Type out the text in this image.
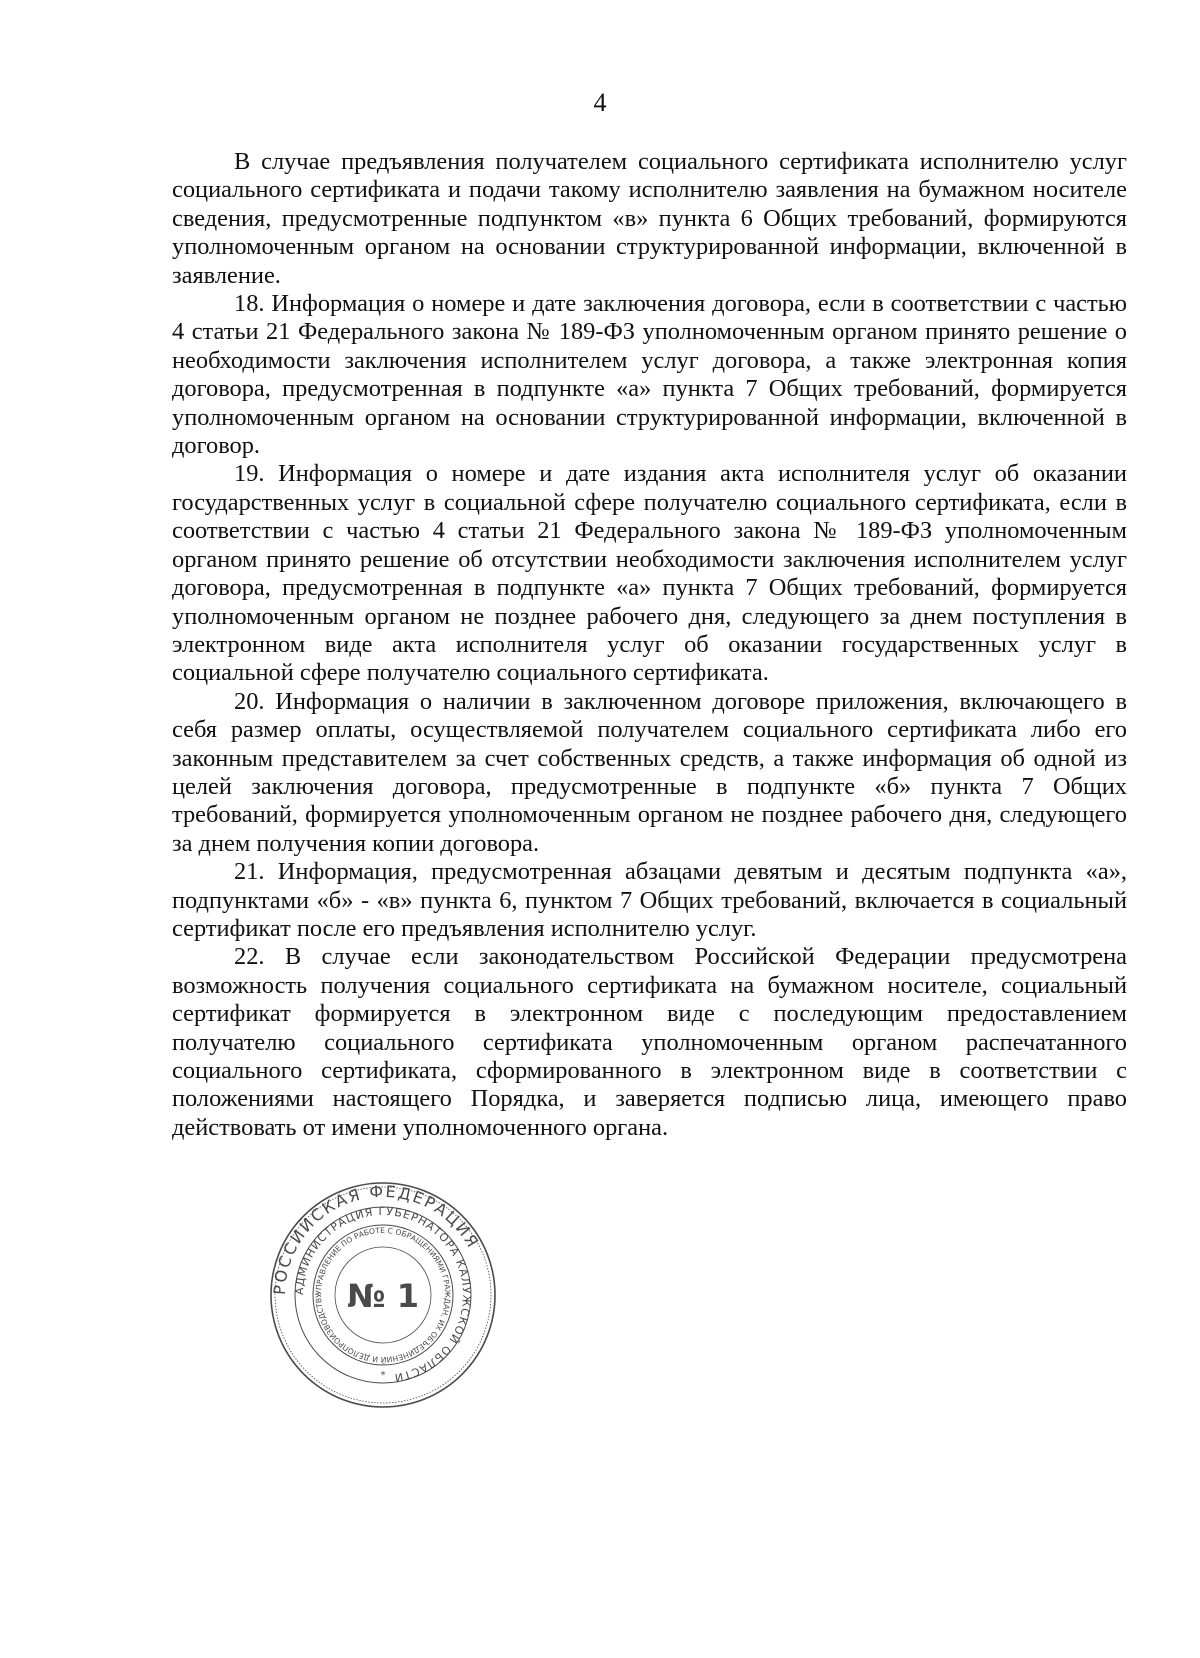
4

В случае предъявления получателем социального сертификата исполнителю услуг социального сертификата и подачи такому исполнителю заявления на бумажном носителе сведения, предусмотренные подпунктом «в» пункта 6 Общих требований, формируются уполномоченным органом на основании структурированной информации, включенной в заявление.

18. Информация о номере и дате заключения договора, если в соответствии с частью 4 статьи 21 Федерального закона № 189-ФЗ уполномоченным органом принято решение о необходимости заключения исполнителем услуг договора, а также электронная копия договора, предусмотренная в подпункте «а» пункта 7 Общих требований, формируется уполномоченным органом на основании структурированной информации, включенной в договор.

19. Информация о номере и дате издания акта исполнителя услуг об оказании государственных услуг в социальной сфере получателю социального сертификата, если в соответствии с частью 4 статьи 21 Федерального закона № 189-ФЗ уполномоченным органом принято решение об отсутствии необходимости заключения исполнителем услуг договора, предусмотренная в подпункте «а» пункта 7 Общих требований, формируется уполномоченным органом не позднее рабочего дня, следующего за днем поступления в электронном виде акта исполнителя услуг об оказании государственных услуг в социальной сфере получателю социального сертификата.

20. Информация о наличии в заключенном договоре приложения, включающего в себя размер оплаты, осуществляемой получателем социального сертификата либо его законным представителем за счет собственных средств, а также информация об одной из целей заключения договора, предусмотренные в подпункте «б» пункта 7 Общих требований, формируется уполномоченным органом не позднее рабочего дня, следующего за днем получения копии договора.

21. Информация, предусмотренная абзацами девятым и десятым подпункта «а», подпунктами «б» - «в» пункта 6, пунктом 7 Общих требований, включается в социальный сертификат после его предъявления исполнителю услуг.

22. В случае если законодательством Российской Федерации предусмотрена возможность получения социального сертификата на бумажном носителе, социальный сертификат формируется в электронном виде с последующим предоставлением получателю социального сертификата уполномоченным органом распечатанного социального сертификата, сформированного в электронном виде в соответствии с положениями настоящего Порядка, и заверяется подписью лица, имеющего право действовать от имени уполномоченного органа.

РОССИЙСКАЯ ФЕДЕРАЦИЯ
АДМИНИСТРАЦИЯ ГУБЕРНАТОРА КАЛУЖСКОЙ ОБЛАСТИ
УПРАВЛЕНИЕ ПО РАБОТЕ С ОБРАЩЕНИЯМИ ГРАЖДАН, ИХ ОБЪЕДИНЕНИЙ И ДЕЛОПРОИЗВОДСТВУ № 1
*
